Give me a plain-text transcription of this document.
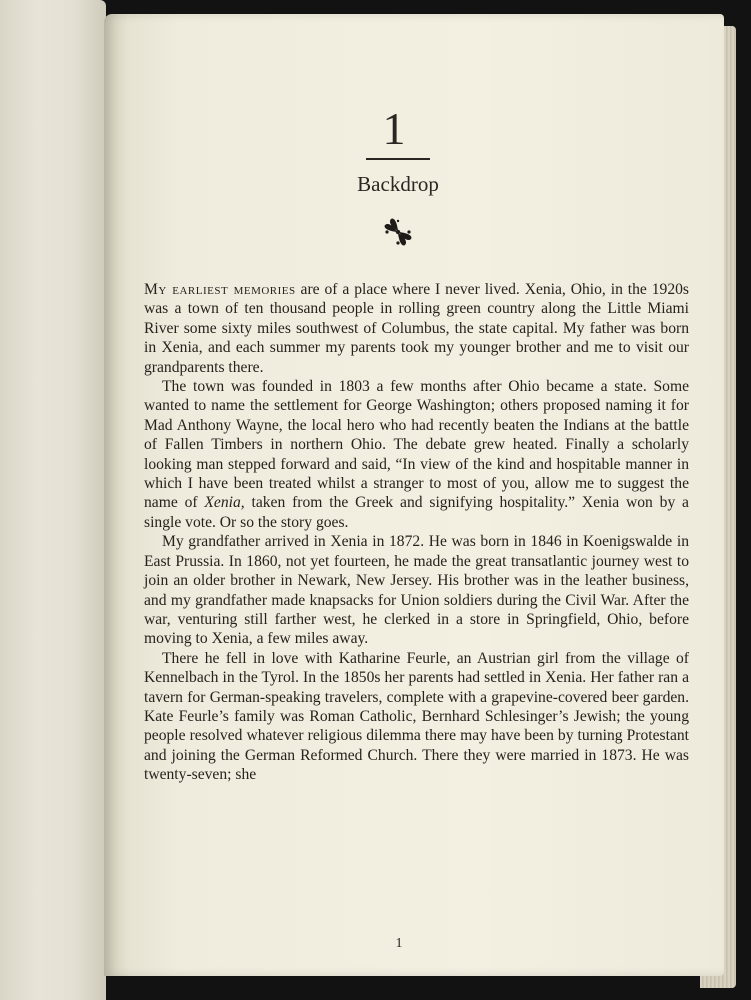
1
Backdrop

My earliest memories are of a place where I never lived. Xenia, Ohio, in the 1920s was a town of ten thousand people in rolling green country along the Little Miami River some sixty miles southwest of Columbus, the state capital. My father was born in Xenia, and each summer my parents took my younger brother and me to visit our grandparents there.

The town was founded in 1803 a few months after Ohio became a state. Some wanted to name the settlement for George Washington; others proposed naming it for Mad Anthony Wayne, the local hero who had recently beaten the Indians at the battle of Fallen Timbers in northern Ohio. The debate grew heated. Finally a scholarly looking man stepped forward and said, “In view of the kind and hospitable manner in which I have been treated whilst a stranger to most of you, allow me to suggest the name of Xenia, taken from the Greek and signifying hospitality.” Xenia won by a single vote. Or so the story goes.

My grandfather arrived in Xenia in 1872. He was born in 1846 in Koenigswalde in East Prussia. In 1860, not yet fourteen, he made the great transatlantic journey west to join an older brother in Newark, New Jersey. His brother was in the leather business, and my grandfather made knapsacks for Union soldiers during the Civil War. After the war, venturing still farther west, he clerked in a store in Springfield, Ohio, before moving to Xenia, a few miles away.

There he fell in love with Katharine Feurle, an Austrian girl from the village of Kennelbach in the Tyrol. In the 1850s her parents had settled in Xenia. Her father ran a tavern for German-speaking travelers, complete with a grapevine-covered beer garden. Kate Feurle’s family was Roman Catholic, Bernhard Schlesinger’s Jewish; the young people resolved whatever religious dilemma there may have been by turning Protestant and joining the German Reformed Church. There they were married in 1873. He was twenty-seven; she

1
